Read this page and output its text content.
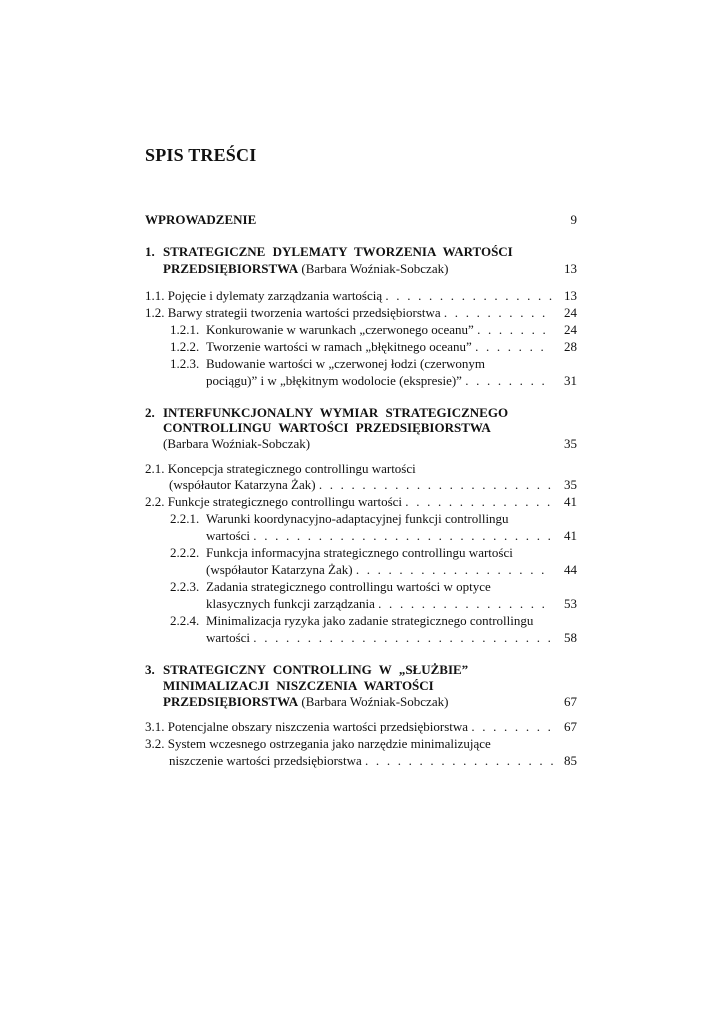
SPIS TREŚCI
WPROWADZENIE	9
1. STRATEGICZNE DYLEMATY TWORZENIA WARTOŚCI
PRZEDSIĘBIORSTWA (Barbara Woźniak-Sobczak)	13
1.1. Pojęcie i dylematy zarządzania wartością . . . . . . . . . . . . . . . . 13
1.2. Barwy strategii tworzenia wartości przedsiębiorstwa . . . . . . . . . . 24
1.2.1. Konkurowanie w warunkach „czerwonego oceanu” . . . . . . . 24
1.2.2. Tworzenie wartości w ramach „błękitnego oceanu” . . . . . . . 28
1.2.3. Budowanie wartości w „czerwonej łodzi (czerwonym
pociągu)” i w „błękitnym wodolocie (ekspresie)” . . . . . . . . 31
2. INTERFUNKCJONALNY WYMIAR STRATEGICZNEGO
CONTROLLINGU WARTOŚCI PRZEDSIĘBIORSTWA
(Barbara Woźniak-Sobczak)	35
2.1. Koncepcja strategicznego controllingu wartości
(współautor Katarzyna Żak) . . . . . . . . . . . . . . . . . . . . . . 35
2.2. Funkcje strategicznego controllingu wartości . . . . . . . . . . . . . . 41
2.2.1. Warunki koordynacyjno-adaptacyjnej funkcji controllingu
wartości . . . . . . . . . . . . . . . . . . . . . . . . . . . . 41
2.2.2. Funkcja informacyjna strategicznego controllingu wartości
(współautor Katarzyna Żak) . . . . . . . . . . . . . . . . . . 44
2.2.3. Zadania strategicznego controllingu wartości w optyce
klasycznych funkcji zarządzania . . . . . . . . . . . . . . . . 53
2.2.4. Minimalizacja ryzyka jako zadanie strategicznego controllingu
wartości . . . . . . . . . . . . . . . . . . . . . . . . . . . . 58
3. STRATEGICZNY CONTROLLING W „SŁUŻBIE”
MINIMALIZACJI NISZCZENIA WARTOŚCI
PRZEDSIĘBIORSTWA (Barbara Woźniak-Sobczak)	67
3.1. Potencjalne obszary niszczenia wartości przedsiębiorstwa . . . . . . . . 67
3.2. System wczesnego ostrzegania jako narzędzie minimalizujące
niszczenie wartości przedsiębiorstwa . . . . . . . . . . . . . . . . . . 85
